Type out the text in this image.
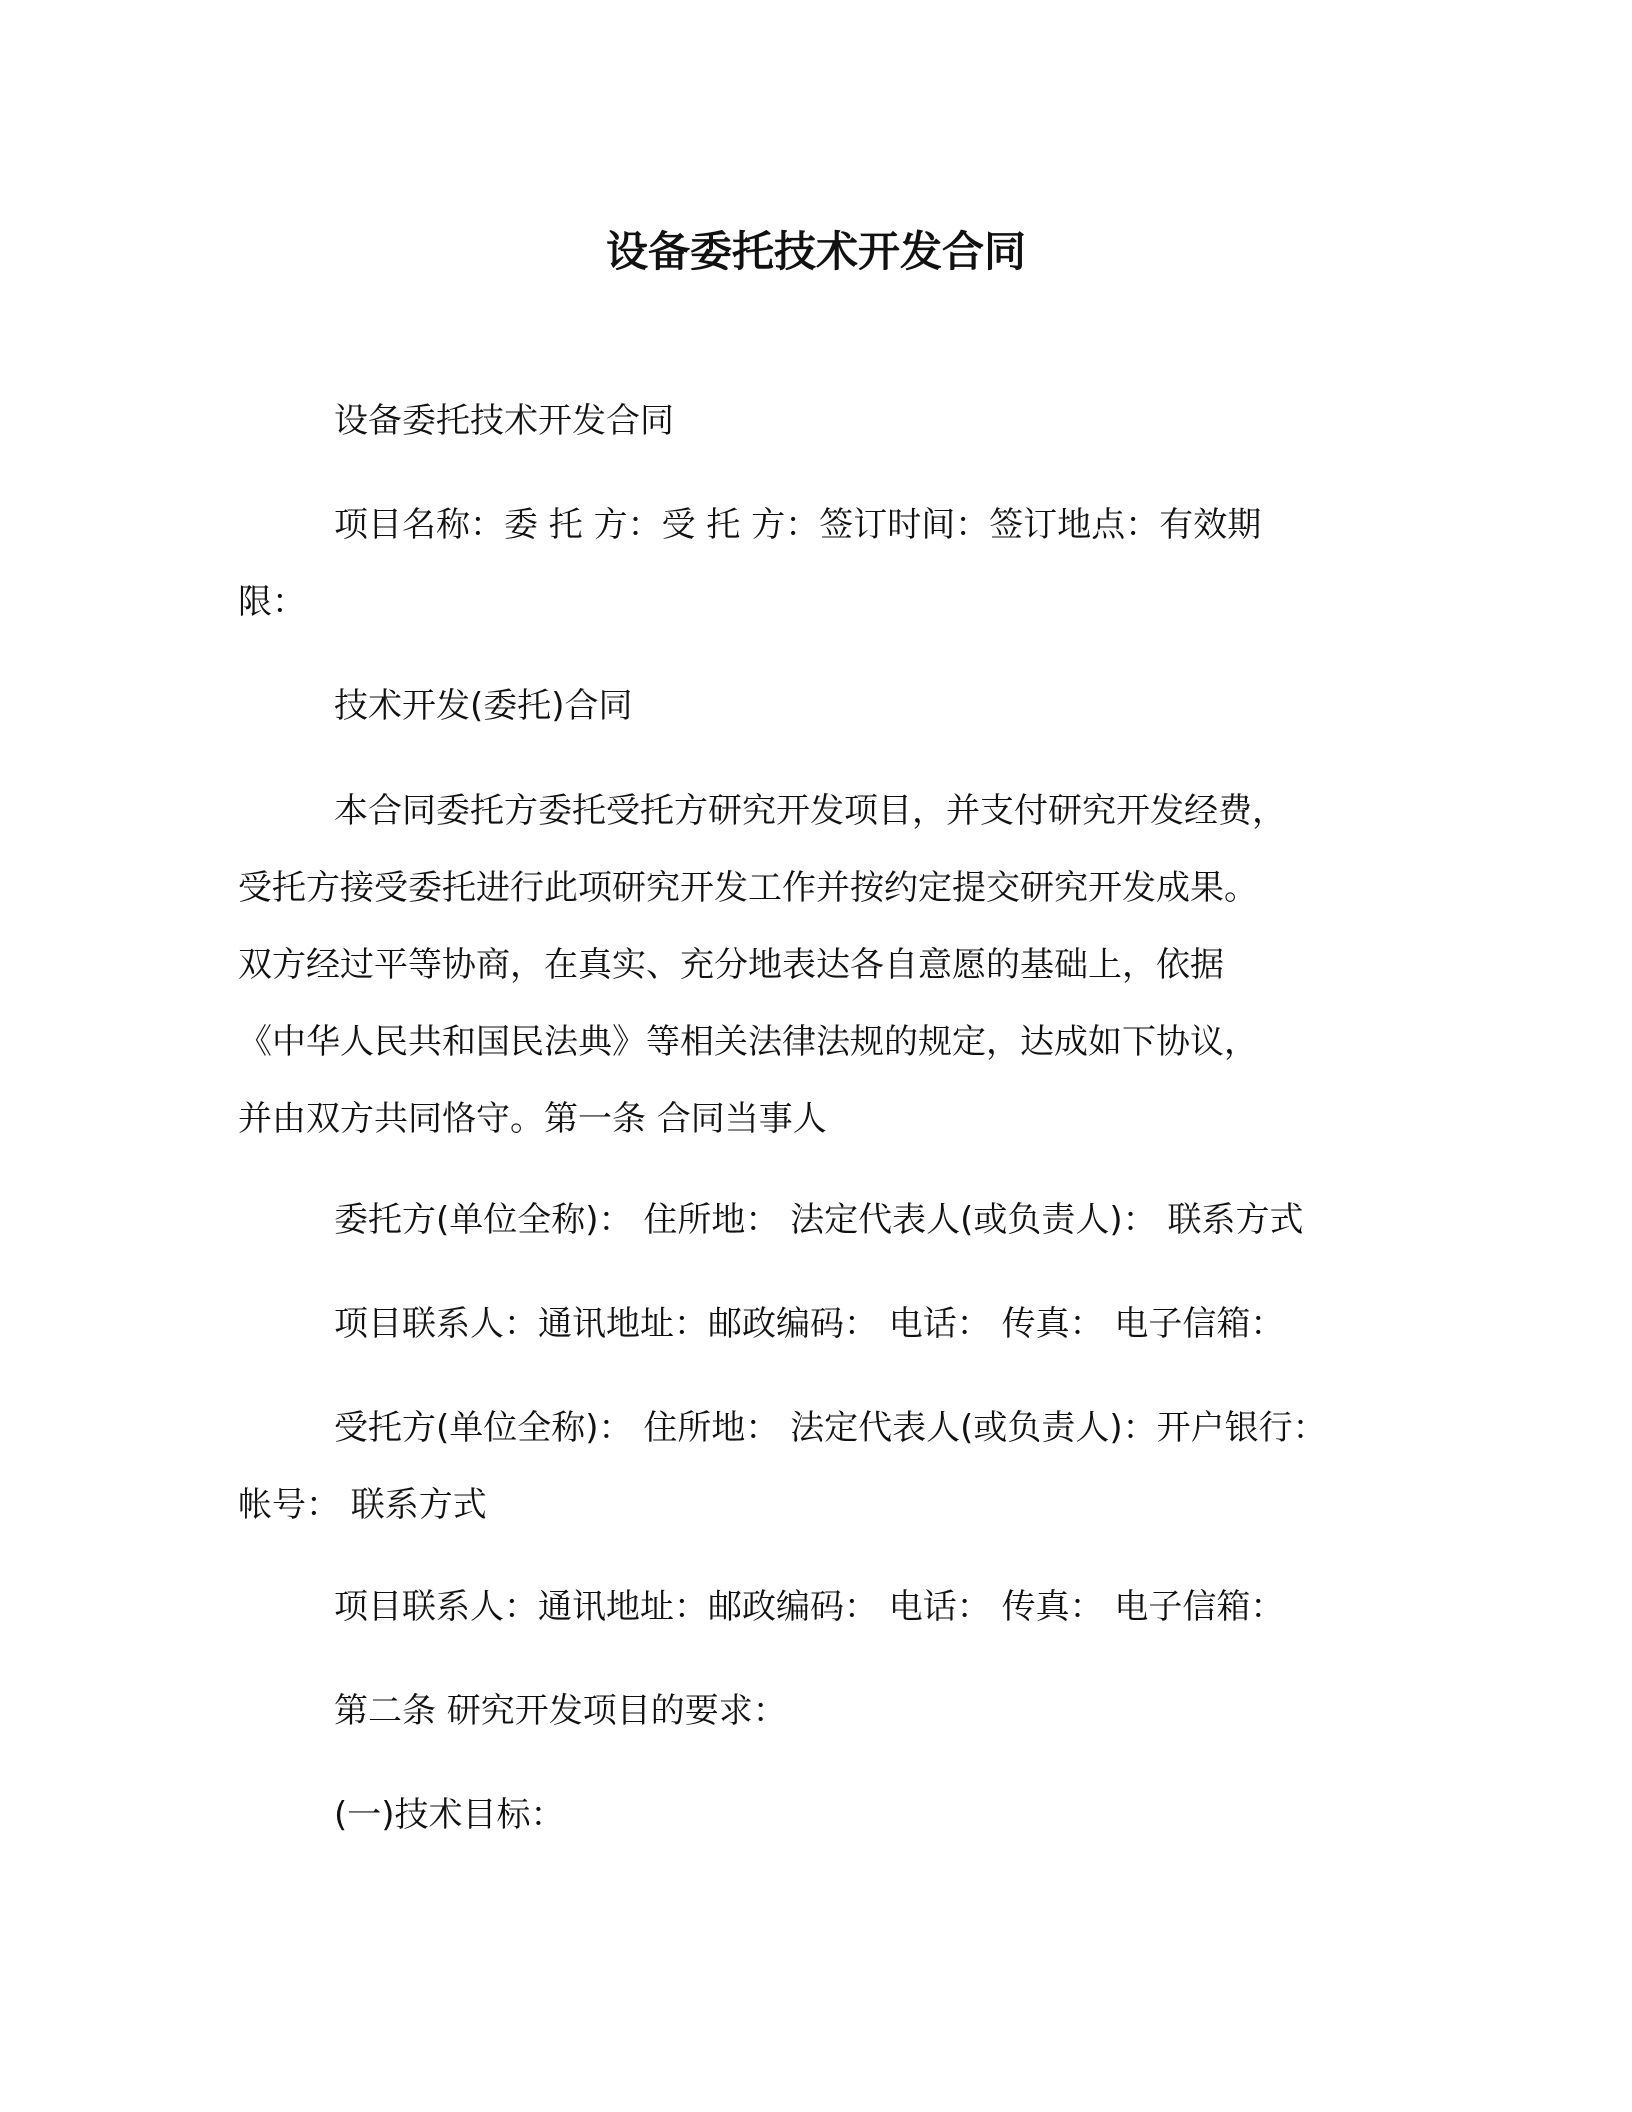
设备委托技术开发合同

设备委托技术开发合同

项目名称：委 托 方：受 托 方：签订时间：签订地点：有效期
限：

技术开发(委托)合同

本合同委托方委托受托方研究开发项目，并支付研究开发经费，
受托方接受委托进行此项研究开发工作并按约定提交研究开发成果。
双方经过平等协商，在真实、充分地表达各自意愿的基础上，依据
《中华人民共和国民法典》等相关法律法规的规定，达成如下协议，
并由双方共同恪守。第一条 合同当事人

委托方(单位全称)： 住所地： 法定代表人(或负责人)： 联系方式

项目联系人：通讯地址：邮政编码： 电话： 传真： 电子信箱：

受托方(单位全称)： 住所地： 法定代表人(或负责人)：开户银行：
帐号： 联系方式

项目联系人：通讯地址：邮政编码： 电话： 传真： 电子信箱：

第二条 研究开发项目的要求：

(一)技术目标：
